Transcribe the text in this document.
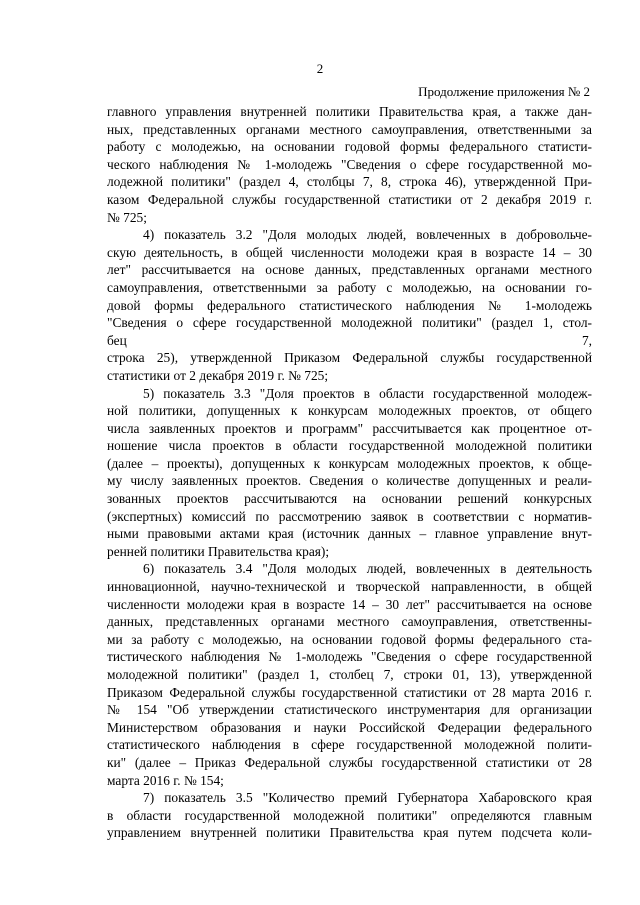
2
Продолжение приложения № 2
главного управления внутренней политики Правительства края, а также дан-
ных, представленных органами местного самоуправления, ответственными за
работу с молодежью, на основании годовой формы федерального статисти-
ческого наблюдения № 1-молодежь "Сведения о сфере государственной мо-
лодежной политики" (раздел 4, столбцы 7, 8, строка 46), утвержденной При-
казом Федеральной службы государственной статистики от 2 декабря 2019 г.
№ 725;
4) показатель 3.2 "Доля молодых людей, вовлеченных в добровольче-
скую деятельность, в общей численности молодежи края в возрасте 14 – 30
лет" рассчитывается на основе данных, представленных органами местного
самоуправления, ответственными за работу с молодежью, на основании го-
довой формы федерального статистического наблюдения № 1-молодежь
"Сведения о сфере государственной молодежной политики" (раздел 1, стол-
бец 7,
строка 25), утвержденной Приказом Федеральной службы государственной
статистики от 2 декабря 2019 г. № 725;
5) показатель 3.3 "Доля проектов в области государственной молодеж-
ной политики, допущенных к конкурсам молодежных проектов, от общего
числа заявленных проектов и программ" рассчитывается как процентное от-
ношение числа проектов в области государственной молодежной политики
(далее – проекты), допущенных к конкурсам молодежных проектов, к обще-
му числу заявленных проектов. Сведения о количестве допущенных и реали-
зованных проектов рассчитываются на основании решений конкурсных
(экспертных) комиссий по рассмотрению заявок в соответствии с норматив-
ными правовыми актами края (источник данных – главное управление внут-
ренней политики Правительства края);
6) показатель 3.4 "Доля молодых людей, вовлеченных в деятельность
инновационной, научно-технической и творческой направленности, в общей
численности молодежи края в возрасте 14 – 30 лет" рассчитывается на основе
данных, представленных органами местного самоуправления, ответственны-
ми за работу с молодежью, на основании годовой формы федерального ста-
тистического наблюдения № 1-молодежь "Сведения о сфере государственной
молодежной политики" (раздел 1, столбец 7, строки 01, 13), утвержденной
Приказом Федеральной службы государственной статистики от 28 марта 2016 г.
№ 154 "Об утверждении статистического инструментария для организации
Министерством образования и науки Российской Федерации федерального
статистического наблюдения в сфере государственной молодежной полити-
ки" (далее – Приказ Федеральной службы государственной статистики от 28
марта 2016 г. № 154;
7) показатель 3.5 "Количество премий Губернатора Хабаровского края
в области государственной молодежной политики" определяются главным
управлением внутренней политики Правительства края путем подсчета коли-
